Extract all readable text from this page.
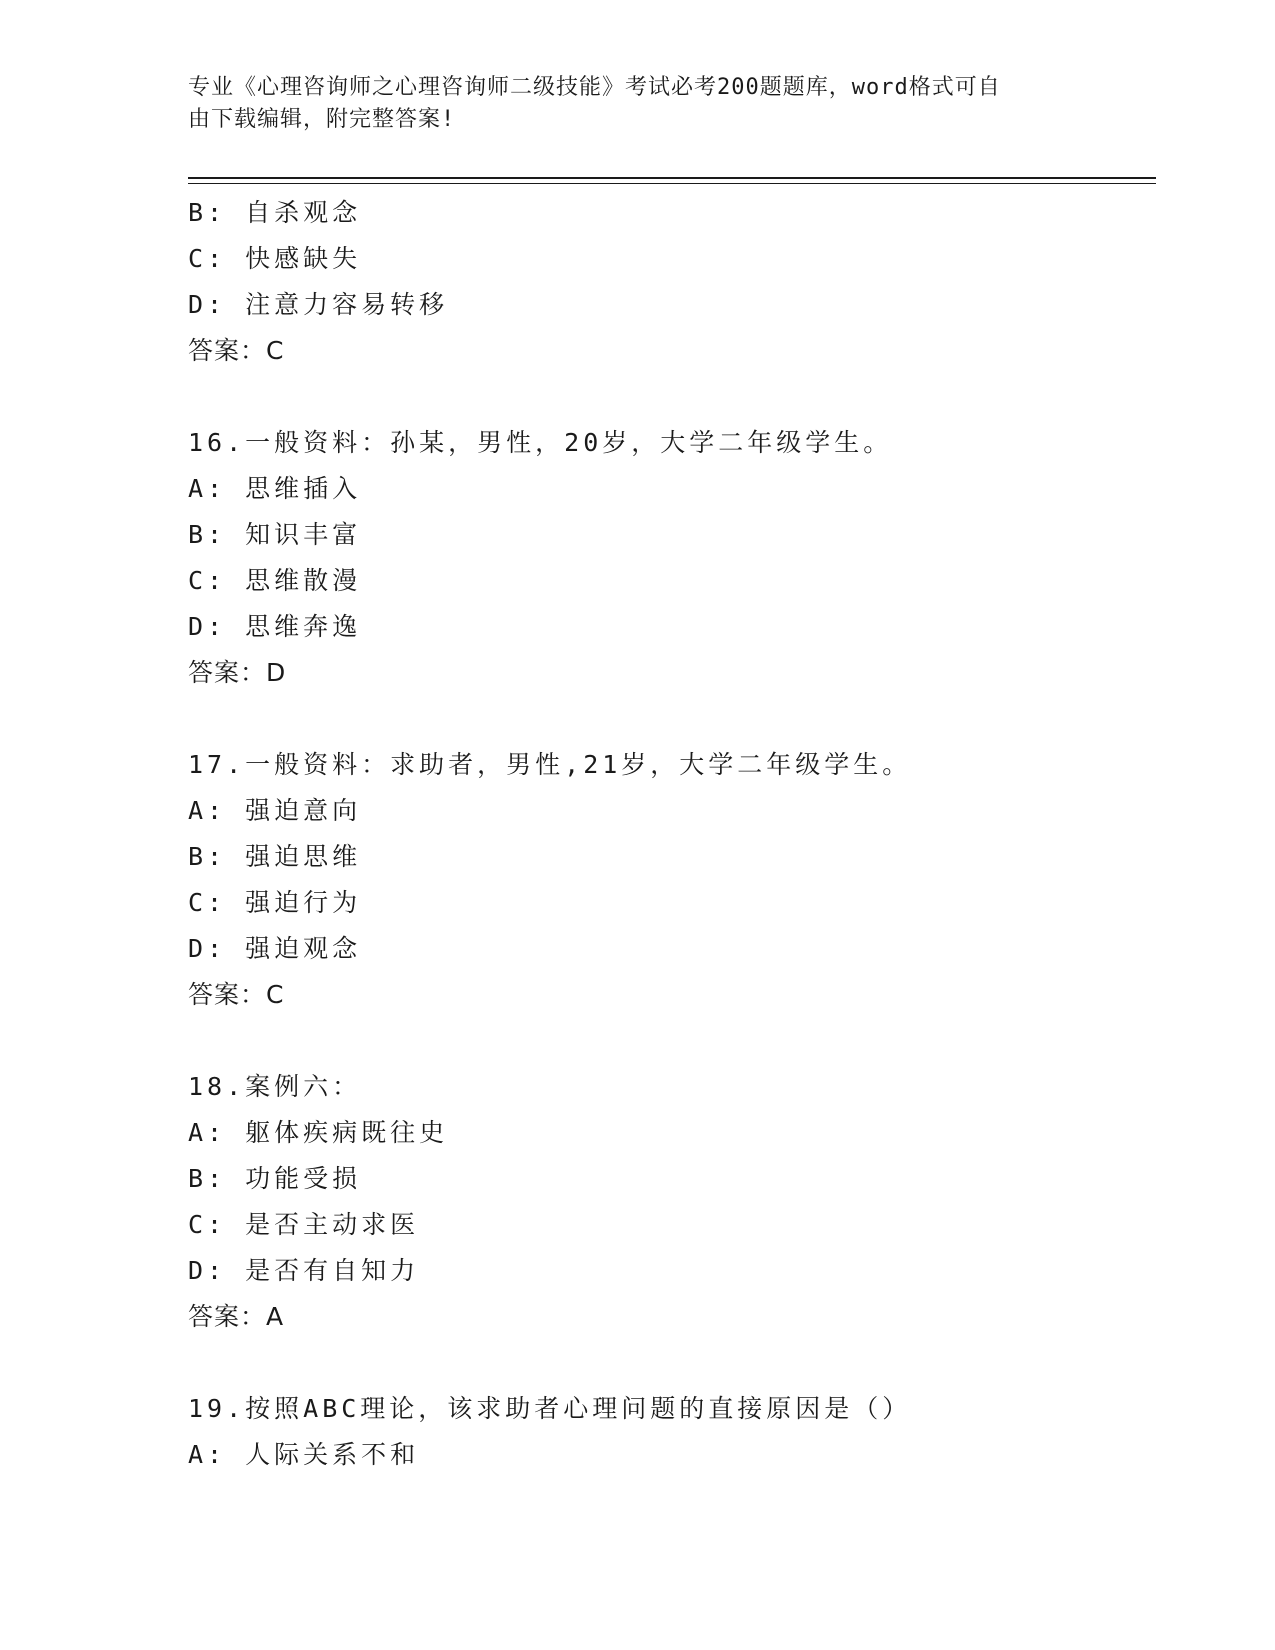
专业《心理咨询师之心理咨询师二级技能》考试必考200题题库，word格式可自
由下载编辑，附完整答案!
B: 自杀观念
C: 快感缺失
D: 注意力容易转移
答案：C
16.一般资料：孙某，男性，20岁，大学二年级学生。
A: 思维插入
B: 知识丰富
C: 思维散漫
D: 思维奔逸
答案：D
17.一般资料：求助者，男性,21岁，大学二年级学生。
A: 强迫意向
B: 强迫思维
C: 强迫行为
D: 强迫观念
答案：C
18.案例六：
A: 躯体疾病既往史
B: 功能受损
C: 是否主动求医
D: 是否有自知力
答案：A
19.按照ABC理论，该求助者心理问题的直接原因是（）
A: 人际关系不和
